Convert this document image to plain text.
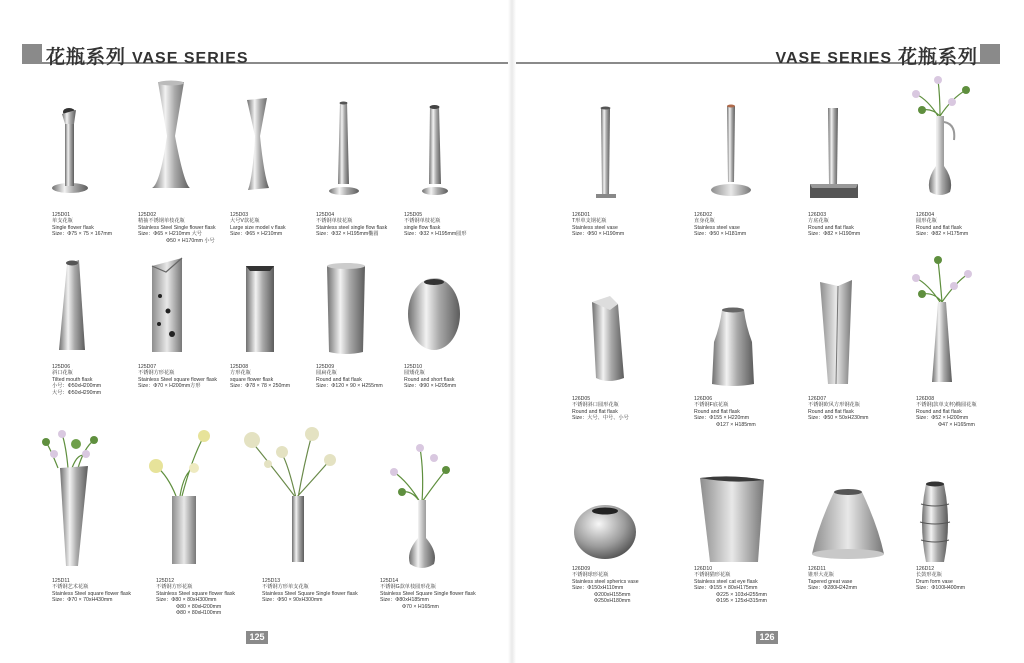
花瓶系列 VASE SERIES
125D01
单支花瓶
Single flower flask
Size：Φ75 × 75 × 167mm
125D02
精抽不锈钢单枝花瓶
Stainless Steel Single flower flask
Size：Φ65 × H210mm 大号
Φ50 × H170mm 小号
125D03
大号V款花瓶
Large size model v flask
Size：Φ65 × H210mm
125D04
不锈钢单枝花瓶
Stainless steel single flow flask
Size：Φ32 × H195mm椭圆
125D05
不锈钢单枝花瓶
single flow flask
Size：Φ32 × H195mm圆形
125D06
斜口花瓶
Tilted mouth flask
小号：Φ50xH200mm
大号：Φ50xH290mm
125D07
不锈钢方形花瓶
Stainless Steel square flower flask
Size：Φ70 × H200mm方形
125D08
方形花瓶
square flower flask
Size：Φ78 × 78 × 250mm
125D09
圆扁花瓶
Round and flat flask
Size：Φ120 × 90 × H255mm
125D10
圆矮花瓶
Round and short flask
Size：Φ90 × H205mm
125D11
不锈钢艺术花瓶
Stainless Steel square flower flask
Size：Φ70 × 70xH430mm
125D12
不锈钢方形花瓶
Stainless Steel square flower flask
Size：Φ80 × 80xH300mm
Φ80 × 80xH200mm
Φ80 × 80xH100mm
125D13
不锈钢方形单支花瓶
Stainless Steel Square Single flower flask
Size：Φ50 × 90xH300mm
125D14
不锈钢G款单枝圆形花瓶
Stainless Steel Square Single flower flask
Size：Φ80xH185mm
Φ70 × H165mm
125
VASE SERIES 花瓶系列
126D01
T形单支钢花瓶
Stainless steel vase
Size：Φ50 × H190mm
126D02
直身花瓶
Stainless steel vase
Size：Φ50 × H181mm
126D03
方底花瓶
Round and flat flask
Size：Φ82 × H190mm
126D04
圆形花瓶
Round and flat flask
Size：Φ82 × H175mm
126D05
不锈钢斜口圆形花瓶
Round and flat flask
Size：大号、中号、小号
126D06
不锈钢F底花瓶
Round and flat flask
Size：Φ155 × H220mm
Φ127 × H185mm
126D07
不锈钢欧风方形钢花瓶
Round and flat flask
Size：Φ50 × 50xH230mm
126D08
不锈钢(款单支杯)椭圆花瓶
Round and flat flask
Size：Φ52 × H200mm
Φ47 × H165mm
126D09
不锈钢球形花瓶
Stainless steel spherics vase
Size：Φ150xH110mm
Φ200xH155mm
Φ250xH180mm
126D10
不锈钢猫形花瓶
Stainless steel cat eye flask
Size：Φ155 × 80xH175mm
Φ225 × 103xH255mm
Φ195 × 125xH315mm
126D11
锥形大花瓶
Tapered great vase
Size：Φ280H242mm
126D12
长鼓形花瓶
Drum form vase
Size：Φ100H400mm
126
